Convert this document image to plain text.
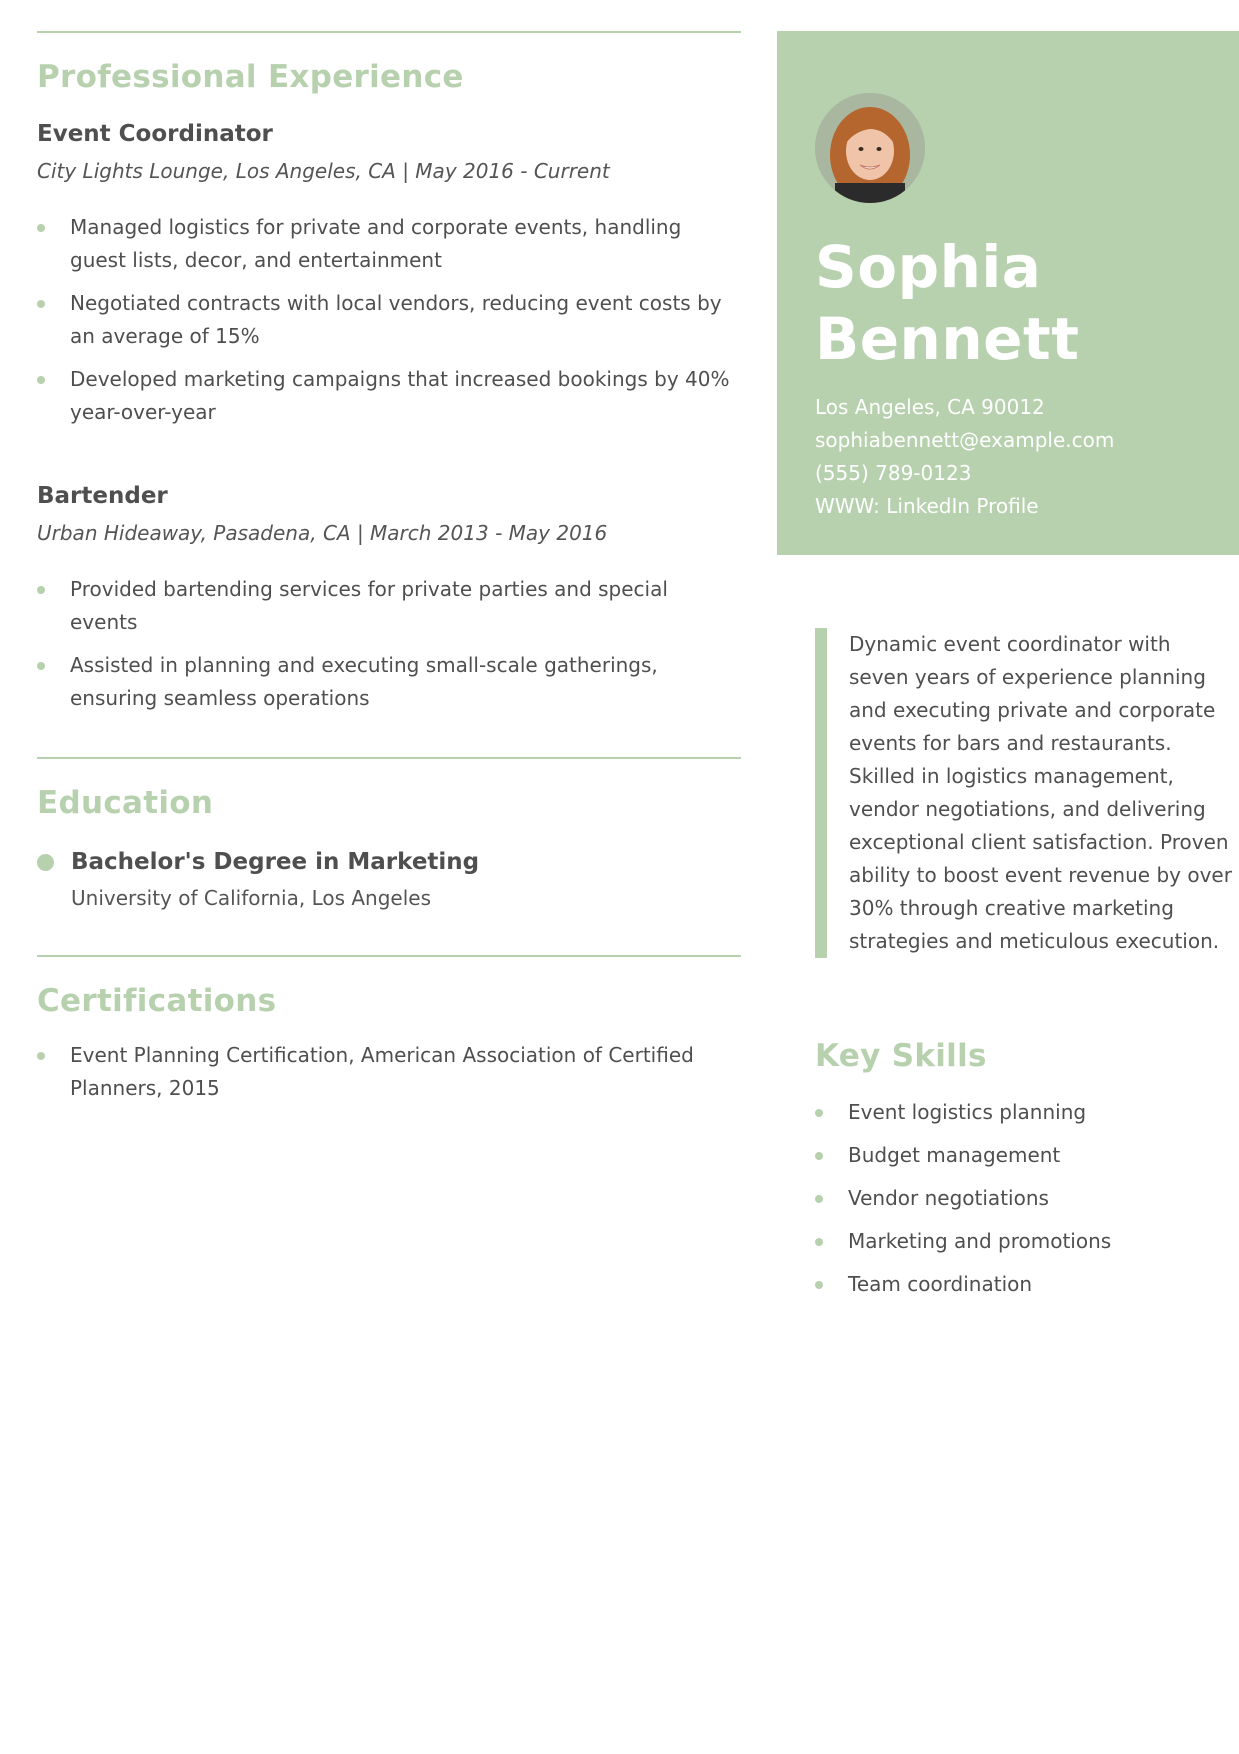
Professional Experience
Event Coordinator
City Lights Lounge, Los Angeles, CA | May 2016 - Current
Managed logistics for private and corporate events, handling guest lists, decor, and entertainment
Negotiated contracts with local vendors, reducing event costs by an average of 15%
Developed marketing campaigns that increased bookings by 40% year-over-year
Bartender
Urban Hideaway, Pasadena, CA | March 2013 - May 2016
Provided bartending services for private parties and special events
Assisted in planning and executing small-scale gatherings, ensuring seamless operations
Education
Bachelor's Degree in Marketing
University of California, Los Angeles
Certifications
Event Planning Certification, American Association of Certified Planners, 2015
Sophia
Bennett
Los Angeles, CA 90012
sophiabennett@example.com
(555) 789-0123
WWW: LinkedIn Profile
Dynamic event coordinator with seven years of experience planning and executing private and corporate events for bars and restaurants. Skilled in logistics management, vendor negotiations, and delivering exceptional client satisfaction. Proven ability to boost event revenue by over 30% through creative marketing strategies and meticulous execution.
Key Skills
Event logistics planning
Budget management
Vendor negotiations
Marketing and promotions
Team coordination
